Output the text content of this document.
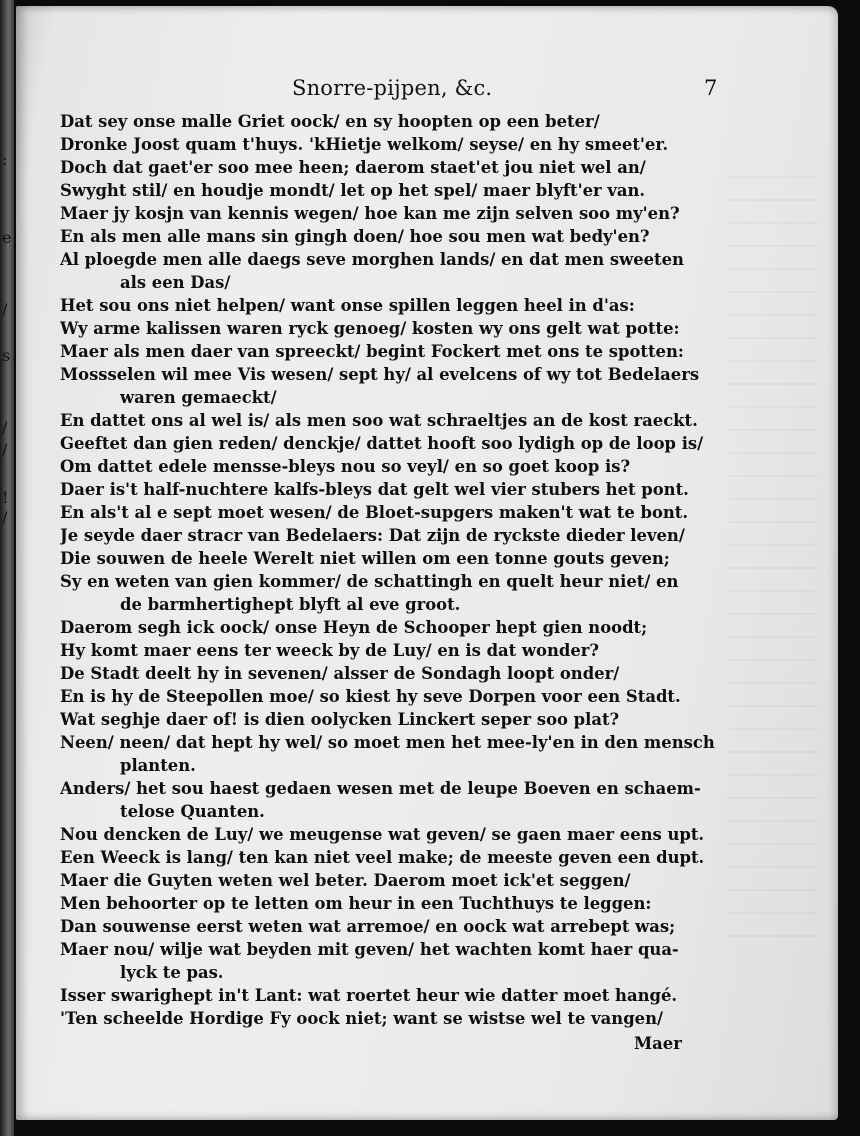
:
e
/
s
/
/
!
/
Snorre-pijpen, &c.	7
Dat sey onse malle Griet oock/ en sy hoopten op een beter/
Dronke Joost quam t'huys. 'kHietje welkom/ seyse/ en hy smeet'er.
Doch dat gaet'er soo mee heen; daerom staet'et jou niet wel an/
Swyght stil/ en houdje mondt/ let op het spel/ maer blyft'er van.
Maer jy kosjn van kennis wegen/ hoe kan me zijn selven soo my'en?
En als men alle mans sin gingh doen/ hoe sou men wat bedy'en?
Al ploegde men alle daegs seve morghen lands/ en dat men sweeten
als een Das/
Het sou ons niet helpen/ want onse spillen leggen heel in d'as:
Wy arme kalissen waren ryck genoeg/ kosten wy ons gelt wat potte:
Maer als men daer van spreeckt/ begint Fockert met ons te spotten:
Mossselen wil mee Vis wesen/ sept hy/ al evelcens of wy tot Bedelaers
waren gemaeckt/
En dattet ons al wel is/ als men soo wat schraeltjes an de kost raeckt.
Geeftet dan gien reden/ denckje/ dattet hooft soo lydigh op de loop is/
Om dattet edele mensse-bleys nou so veyl/ en so goet koop is?
Daer is't half-nuchtere kalfs-bleys dat gelt wel vier stubers het pont.
En als't al e sept moet wesen/ de Bloet-supgers maken't wat te bont.
Je seyde daer stracr van Bedelaers: Dat zijn de ryckste dieder leven/
Die souwen de heele Werelt niet willen om een tonne gouts geven;
Sy en weten van gien kommer/ de schattingh en quelt heur niet/ en
de barmhertighept blyft al eve groot.
Daerom segh ick oock/ onse Heyn de Schooper hept gien noodt;
Hy komt maer eens ter weeck by de Luy/ en is dat wonder?
De Stadt deelt hy in sevenen/ alsser de Sondagh loopt onder/
En is hy de Steepollen moe/ so kiest hy seve Dorpen voor een Stadt.
Wat seghje daer of! is dien oolycken Linckert seper soo plat?
Neen/ neen/ dat hept hy wel/ so moet men het mee-ly'en in den mensch
planten.
Anders/ het sou haest gedaen wesen met de leupe Boeven en schaem-
telose Quanten.
Nou dencken de Luy/ we meugense wat geven/ se gaen maer eens upt.
Een Weeck is lang/ ten kan niet veel make; de meeste geven een dupt.
Maer die Guyten weten wel beter. Daerom moet ick'et seggen/
Men behoorter op te letten om heur in een Tuchthuys te leggen:
Dan souwense eerst weten wat arremoe/ en oock wat arrebept was;
Maer nou/ wilje wat beyden mit geven/ het wachten komt haer qua-
lyck te pas.
Isser swarighept in't Lant: wat roertet heur wie datter moet hangé.
'Ten scheelde Hordige Fy oock niet; want se wistse wel te vangen/
Maer
